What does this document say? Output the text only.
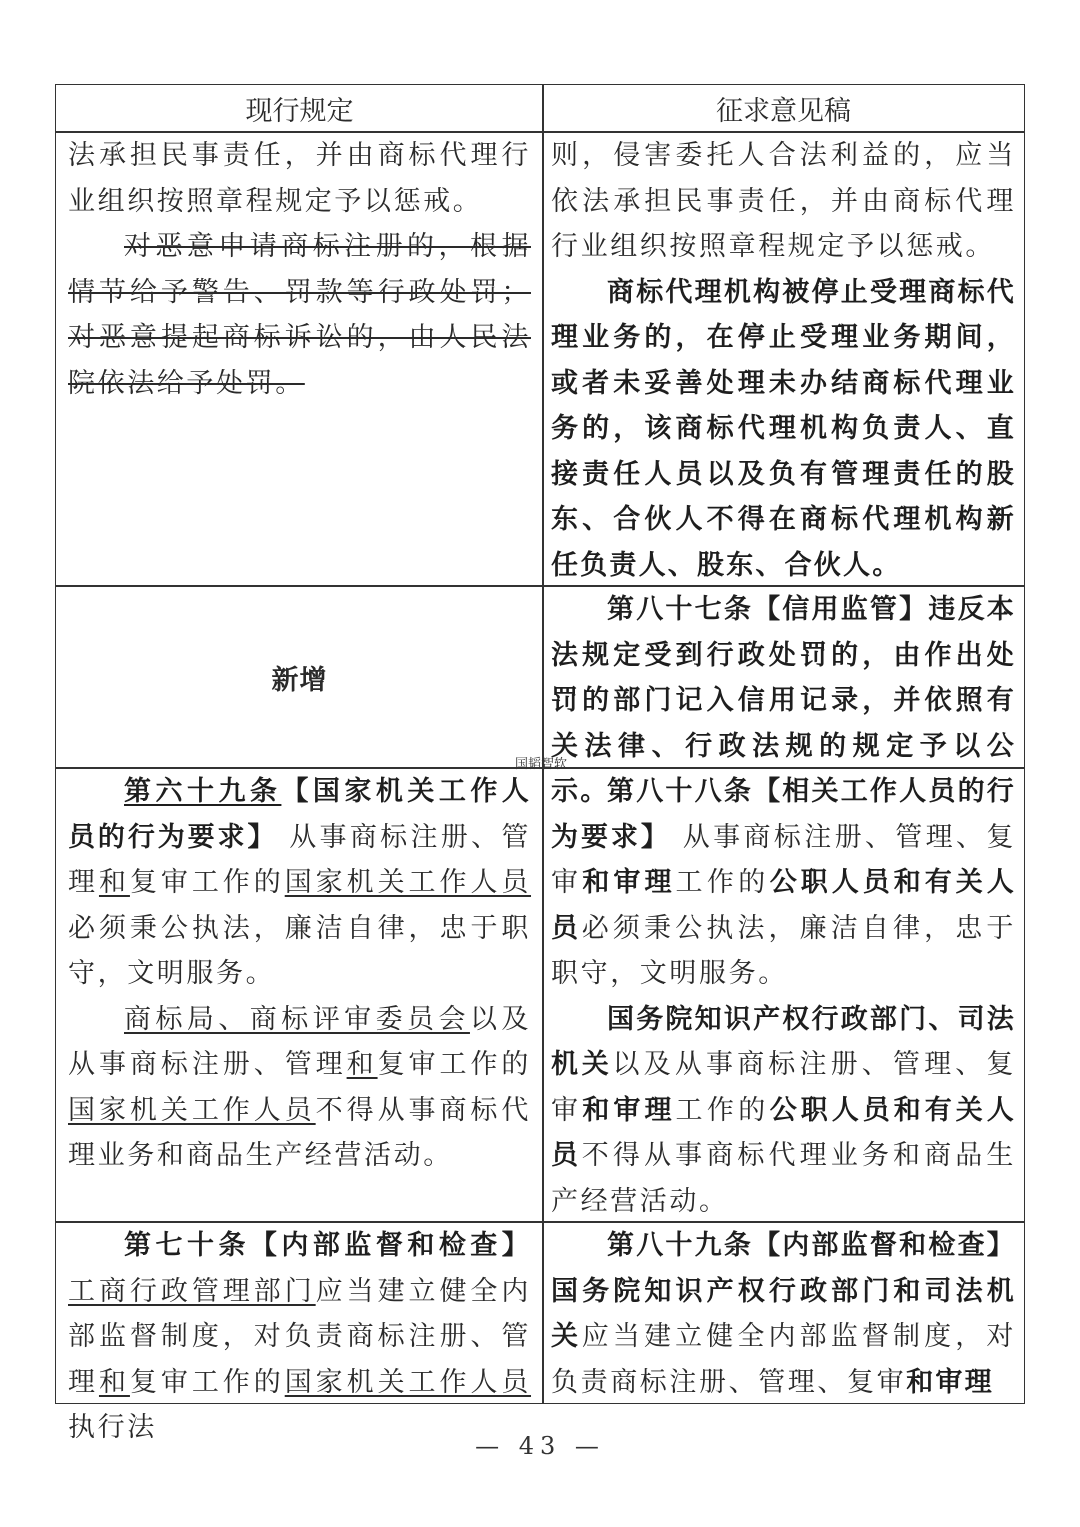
现行规定	征求意见稿

法承担民事责任，并由商标代理行业组织按照章程规定予以惩戒。

对恶意申请商标注册的，根据情节给予警告、罚款等行政处罚；对恶意提起商标诉讼的，由人民法院依法给予处罚。

则，侵害委托人合法利益的，应当依法承担民事责任，并由商标代理行业组织按照章程规定予以惩戒。

商标代理机构被停止受理商标代理业务的，在停止受理业务期间，或者未妥善处理未办结商标代理业务的，该商标代理机构负责人、直接责任人员以及负有管理责任的股东、合伙人不得在商标代理机构新任负责人、股东、合伙人。

新增

第八十七条【信用监管】违反本法规定受到行政处罚的，由作出处罚的部门记入信用记录，并依照有关法律、行政法规的规定予以公示。

第六十九条【国家机关工作人员的行为要求】 从事商标注册、管理和复审工作的国家机关工作人员必须秉公执法，廉洁自律，忠于职守，文明服务。

商标局、商标评审委员会以及从事商标注册、管理和复审工作的国家机关工作人员不得从事商标代理业务和商品生产经营活动。

第八十八条【相关工作人员的行为要求】 从事商标注册、管理、复审和审理工作的公职人员和有关人员必须秉公执法，廉洁自律，忠于职守，文明服务。

国务院知识产权行政部门、司法机关以及从事商标注册、管理、复审和审理工作的公职人员和有关人员不得从事商标代理业务和商品生产经营活动。

第七十条【内部监督和检查】工商行政管理部门应当建立健全内部监督制度，对负责商标注册、管理和复审工作的国家机关工作人员执行法

第八十九条【内部监督和检查】 国务院知识产权行政部门和司法机关应当建立健全内部监督制度，对负责商标注册、管理、复审和审理

国韬智软
— 43 —
